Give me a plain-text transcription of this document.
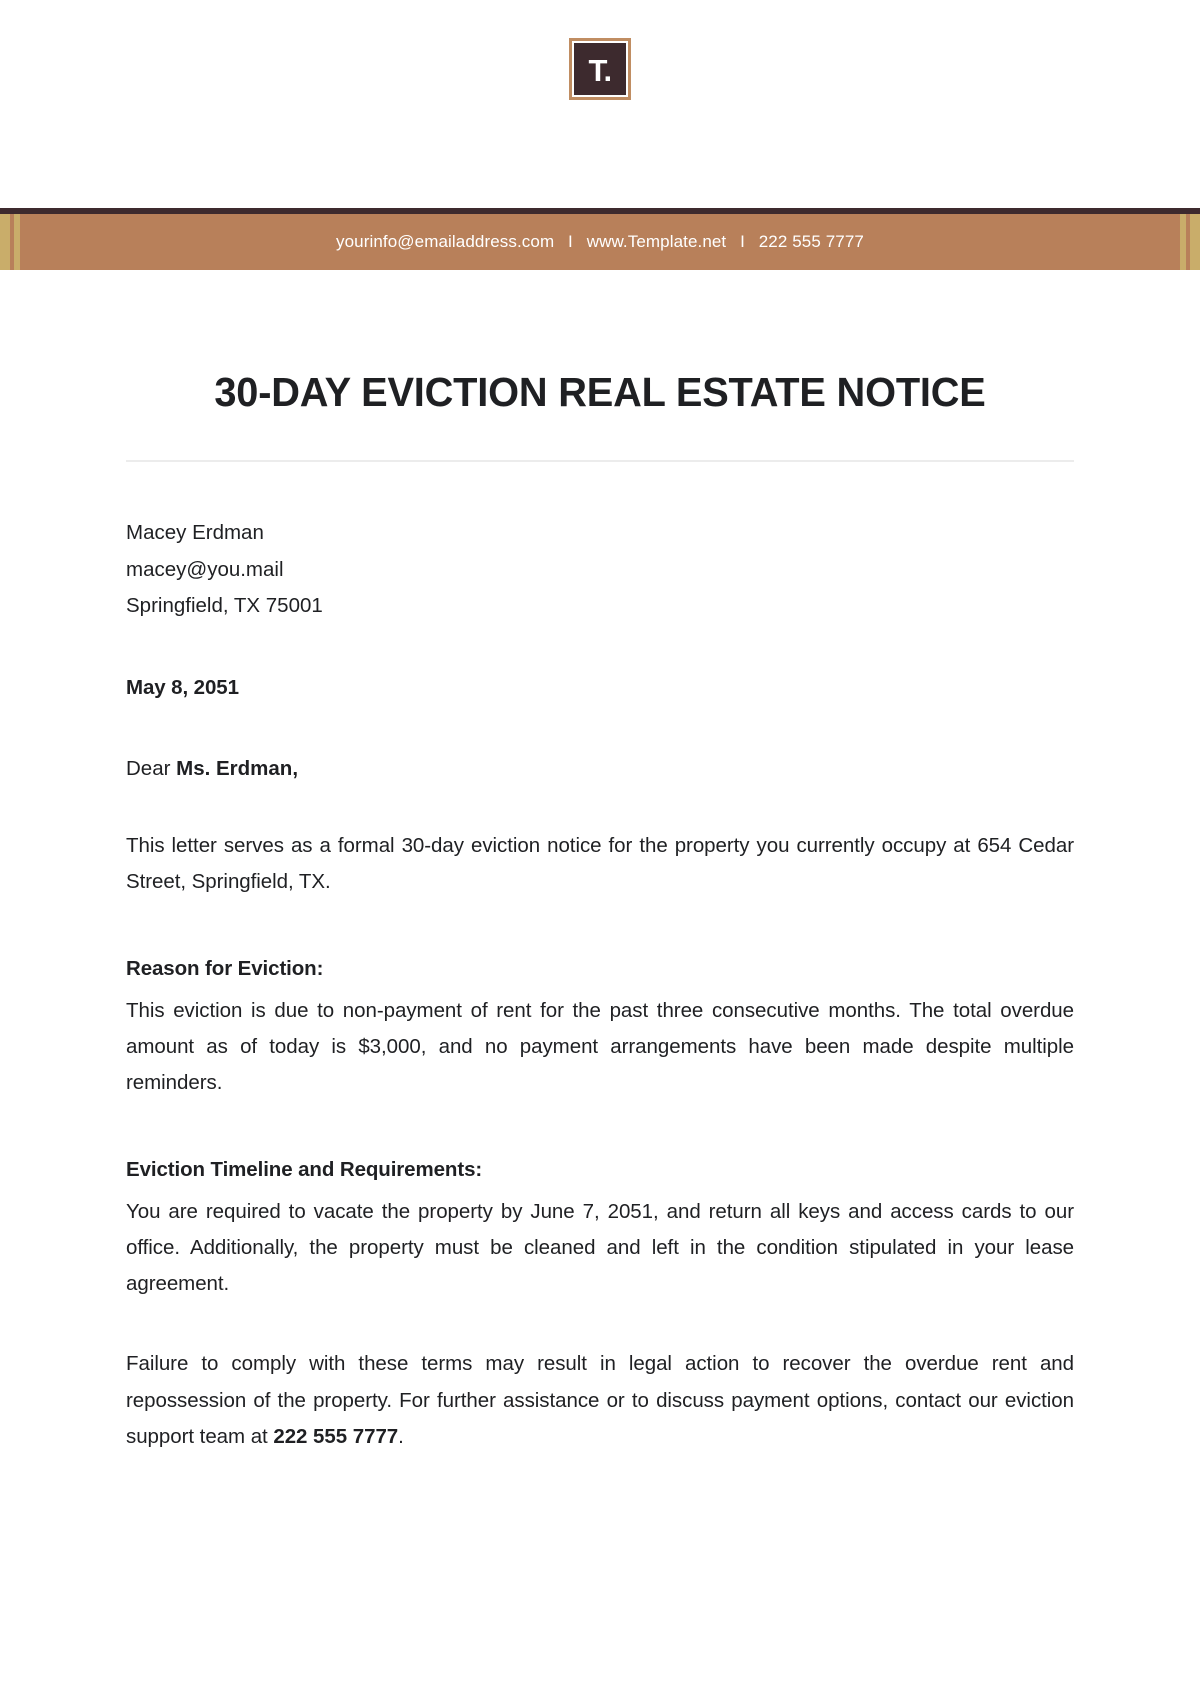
T.
yourinfo@emailaddress.com I www.Template.net I 222 555 7777
30-DAY EVICTION REAL ESTATE NOTICE
Macey Erdman
macey@you.mail
Springfield, TX 75001
May 8, 2051
Dear Ms. Erdman,

This letter serves as a formal 30-day eviction notice for the property you currently occupy at 654 Cedar Street, Springfield, TX.

Reason for Eviction:

This eviction is due to non-payment of rent for the past three consecutive months. The total overdue amount as of today is $3,000, and no payment arrangements have been made despite multiple reminders.

Eviction Timeline and Requirements:

You are required to vacate the property by June 7, 2051, and return all keys and access cards to our office. Additionally, the property must be cleaned and left in the condition stipulated in your lease agreement.

Failure to comply with these terms may result in legal action to recover the overdue rent and repossession of the property. For further assistance or to discuss payment options, contact our eviction support team at 222 555 7777.
